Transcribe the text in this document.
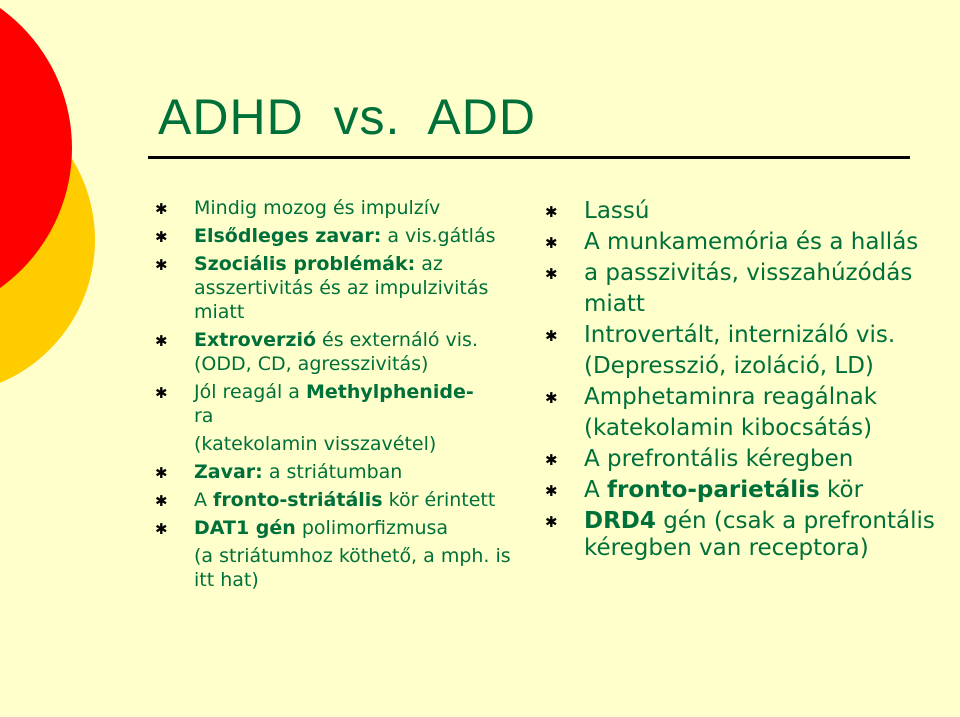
ADHD  vs.  ADD
✱ Mindig mozog és impulzív
✱ Elsődleges zavar: a vis.gátlás
✱ Szociális problémák: az asszertivitás és az impulzivitás miatt
✱ Extroverzió és externáló vis. (ODD, CD, agresszivitás)
✱ Jól reagál a Methylphenide-
ra
(katekolamin visszavétel)
✱ Zavar: a striátumban
✱ A fronto-striátális kör érintett
✱ DAT1 gén polimorfizmusa
(a striátumhoz köthető, a mph. is itt hat)
✱ Lassú
✱ A munkamemória és a hallás
✱ a passzivitás, visszahúzódás
miatt
✱ Introvertált, internizáló vis.
(Depresszió, izoláció, LD)
✱ Amphetaminra reagálnak
(katekolamin kibocsátás)
✱ A prefrontális kéregben
✱ A fronto-parietális kör
✱ DRD4 gén (csak a prefrontális kéregben van receptora)
